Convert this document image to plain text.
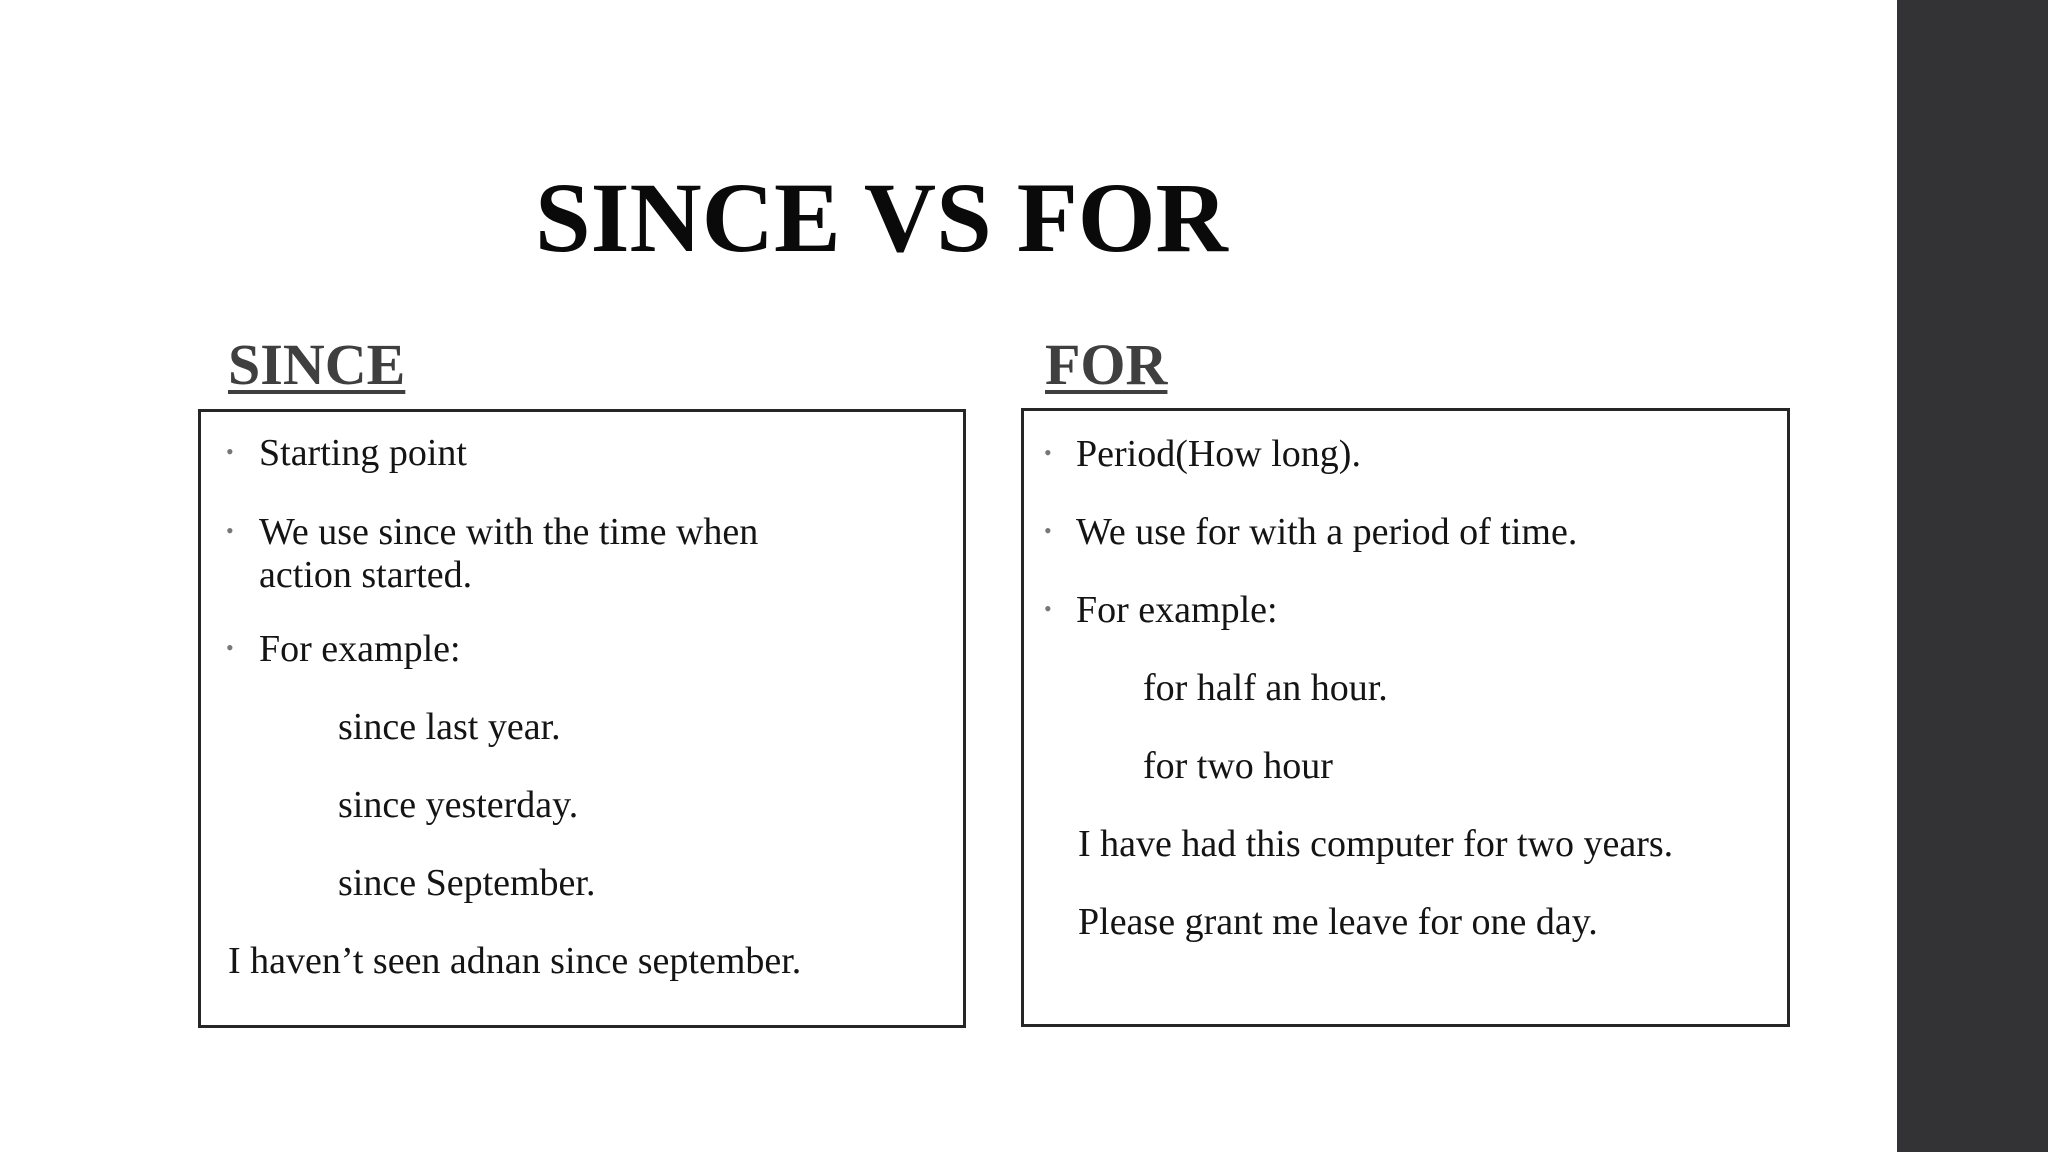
SINCE VS FOR
SINCE
• Starting point
• We use since with the time when
action started.
• For example:
since last year.
since yesterday.
since September.
I haven’t seen adnan since september.
FOR
• Period(How long).
• We use for with a period of time.
• For example:
for half an hour.
for two hour
I have had this computer for two years.
Please grant me leave for one day.
